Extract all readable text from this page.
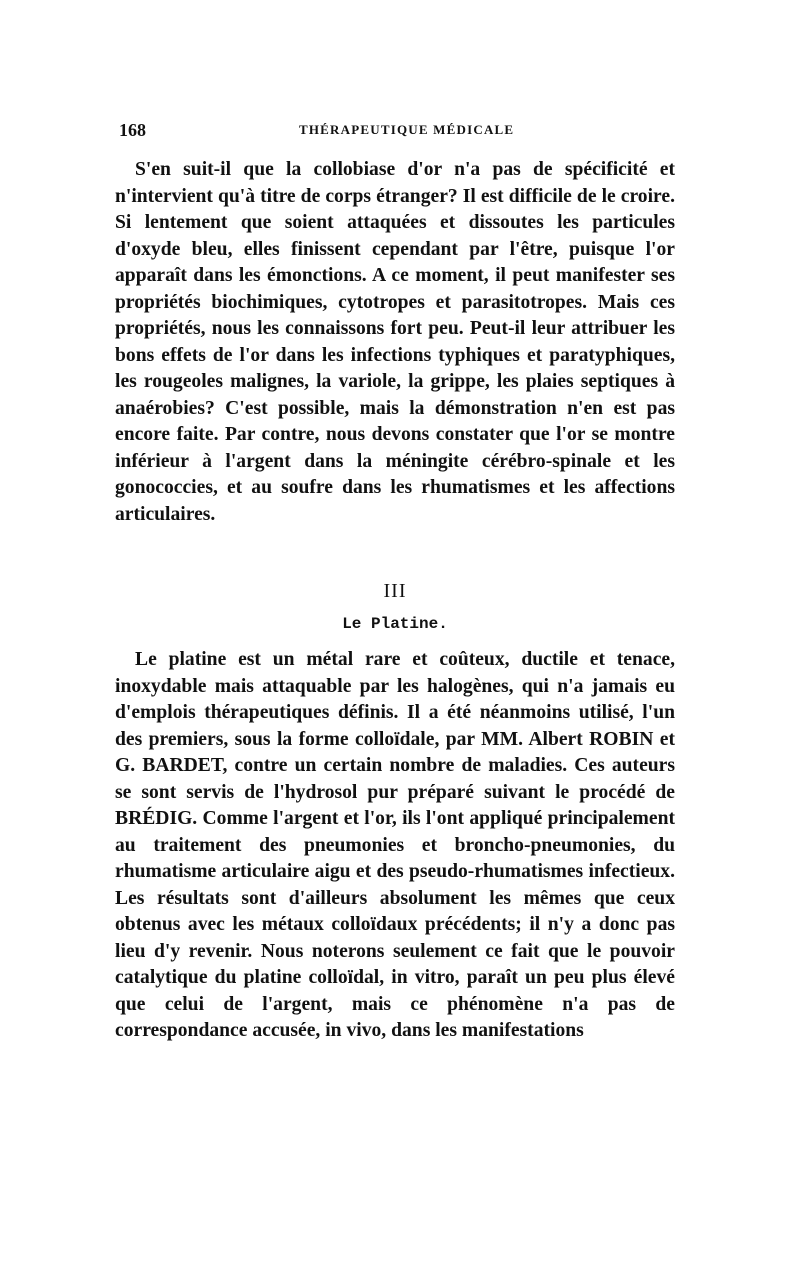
168	THÉRAPEUTIQUE MÉDICALE

S'en suit-il que la collobiase d'or n'a pas de spécificité et n'intervient qu'à titre de corps étranger? Il est difficile de le croire. Si lentement que soient attaquées et dissoutes les particules d'oxyde bleu, elles finissent cependant par l'être, puisque l'or apparaît dans les émonctions. A ce moment, il peut manifester ses propriétés biochimiques, cytotropes et parasitotropes. Mais ces propriétés, nous les connaissons fort peu. Peut-il leur attribuer les bons effets de l'or dans les infections typhiques et paratyphiques, les rougeoles malignes, la variole, la grippe, les plaies septiques à anaérobies? C'est possible, mais la démonstration n'en est pas encore faite. Par contre, nous devons constater que l'or se montre inférieur à l'argent dans la méningite cérébro-spinale et les gonococcies, et au soufre dans les rhumatismes et les affections articulaires.

III
Le Platine.

Le platine est un métal rare et coûteux, ductile et tenace, inoxydable mais attaquable par les halogènes, qui n'a jamais eu d'emplois thérapeutiques définis. Il a été néanmoins utilisé, l'un des premiers, sous la forme colloïdale, par MM. Albert ROBIN et G. BARDET, contre un certain nombre de maladies. Ces auteurs se sont servis de l'hydrosol pur préparé suivant le procédé de BRÉDIG. Comme l'argent et l'or, ils l'ont appliqué principalement au traitement des pneumonies et broncho-pneumonies, du rhumatisme articulaire aigu et des pseudo-rhumatismes infectieux. Les résultats sont d'ailleurs absolument les mêmes que ceux obtenus avec les métaux colloïdaux précédents; il n'y a donc pas lieu d'y revenir. Nous noterons seulement ce fait que le pouvoir catalytique du platine colloïdal, in vitro, paraît un peu plus élevé que celui de l'argent, mais ce phénomène n'a pas de correspondance accusée, in vivo, dans les manifestations
